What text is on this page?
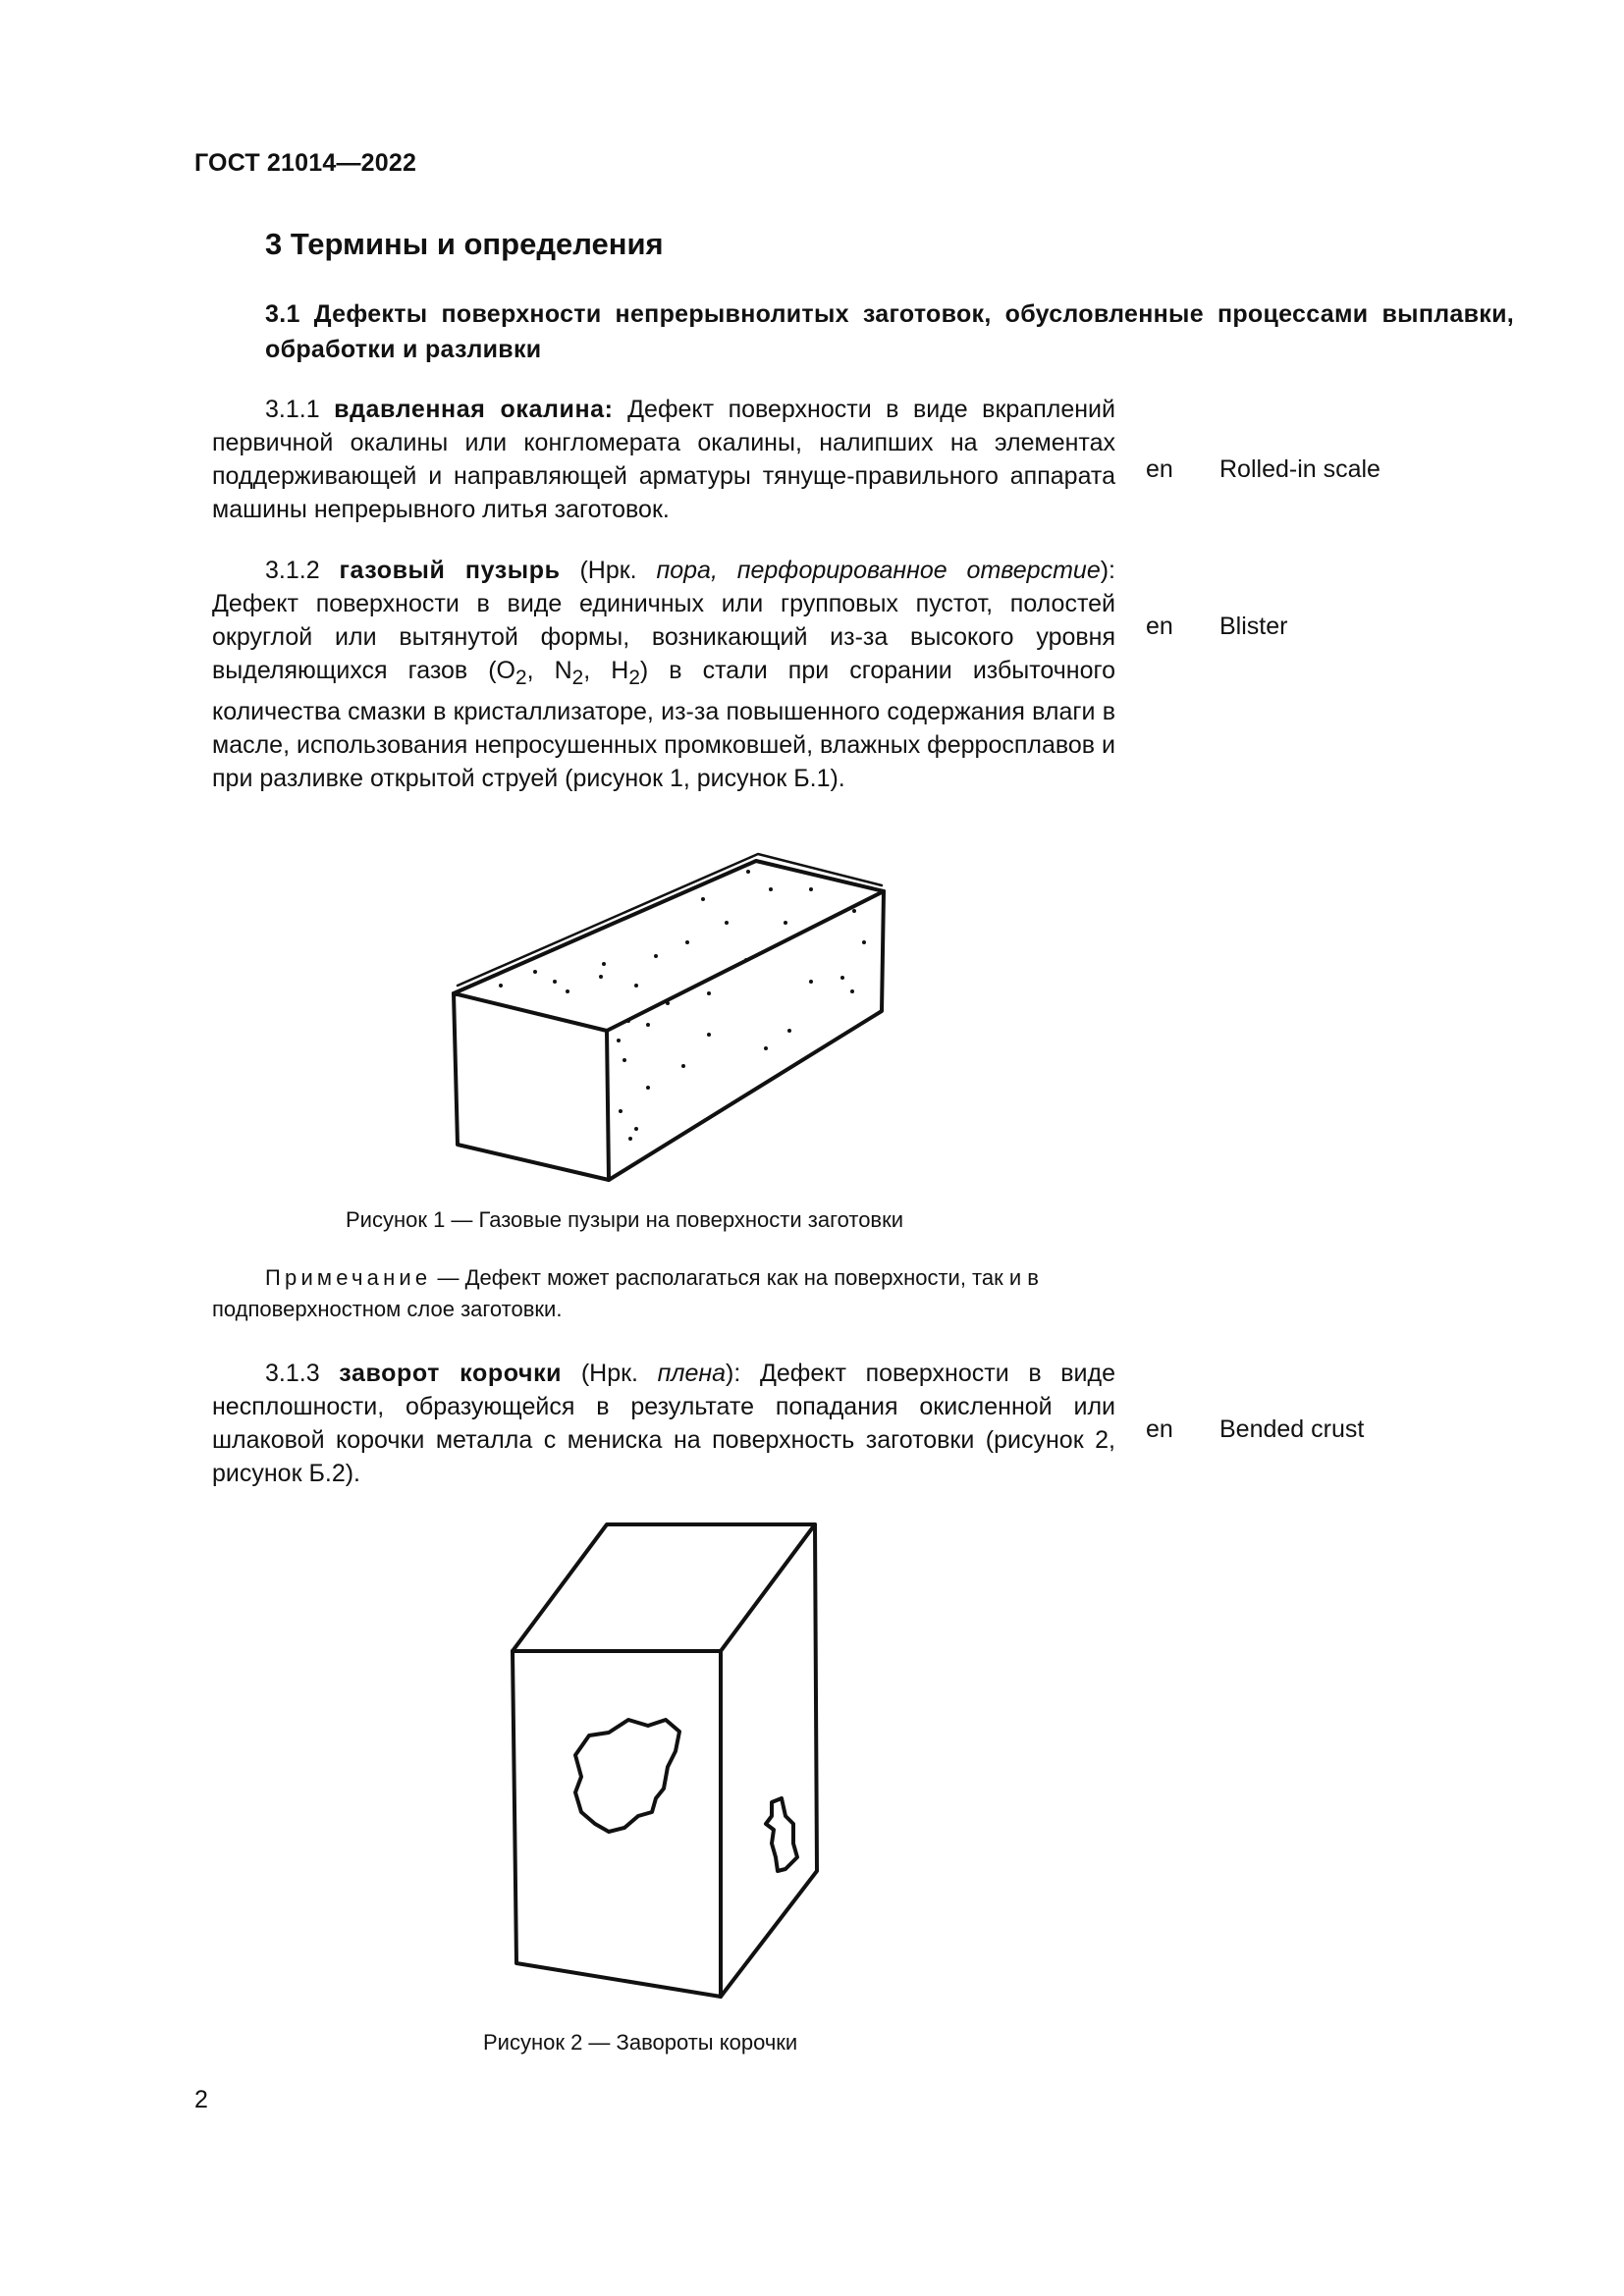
ГОСТ 21014—2022
3 Термины и определения
3.1 Дефекты поверхности непрерывнолитых заготовок, обусловленные процессами выплавки, обработки и разливки
3.1.1 вдавленная окалина: Дефект поверхности в виде вкраплений первичной окалины или конгломерата окалины, налипших на элементах поддерживающей и направляющей арматуры тянуще-правильного аппарата машины непрерывного литья заготовок.
en Rolled-in scale
3.1.2 газовый пузырь (Нрк. пора, перфорированное отверстие): Дефект поверхности в виде единичных или групповых пустот, полостей округлой или вытянутой формы, возникающий из-за высокого уровня выделяющихся газов ($O_2$, $N_2$, $H_2$) в стали при сгорании избыточного количества смазки в кристаллизаторе, из-за повышенного содержания влаги в масле, использования непросушенных промковшей, влажных ферросплавов и при разливке открытой струей (рисунок 1, рисунок Б.1).
en Blister
Рисунок 1 — Газовые пузыри на поверхности заготовки
Примечание — Дефект может располагаться как на поверхности, так и в подповерхностном слое заготовки.
3.1.3 заворот корочки (Нрк. плена): Дефект поверхности в виде несплошности, образующейся в результате попадания окисленной или шлаковой корочки металла с мениска на поверхность заготовки (рисунок 2, рисунок Б.2).
en Bended crust
Рисунок 2 — Завороты корочки
2
